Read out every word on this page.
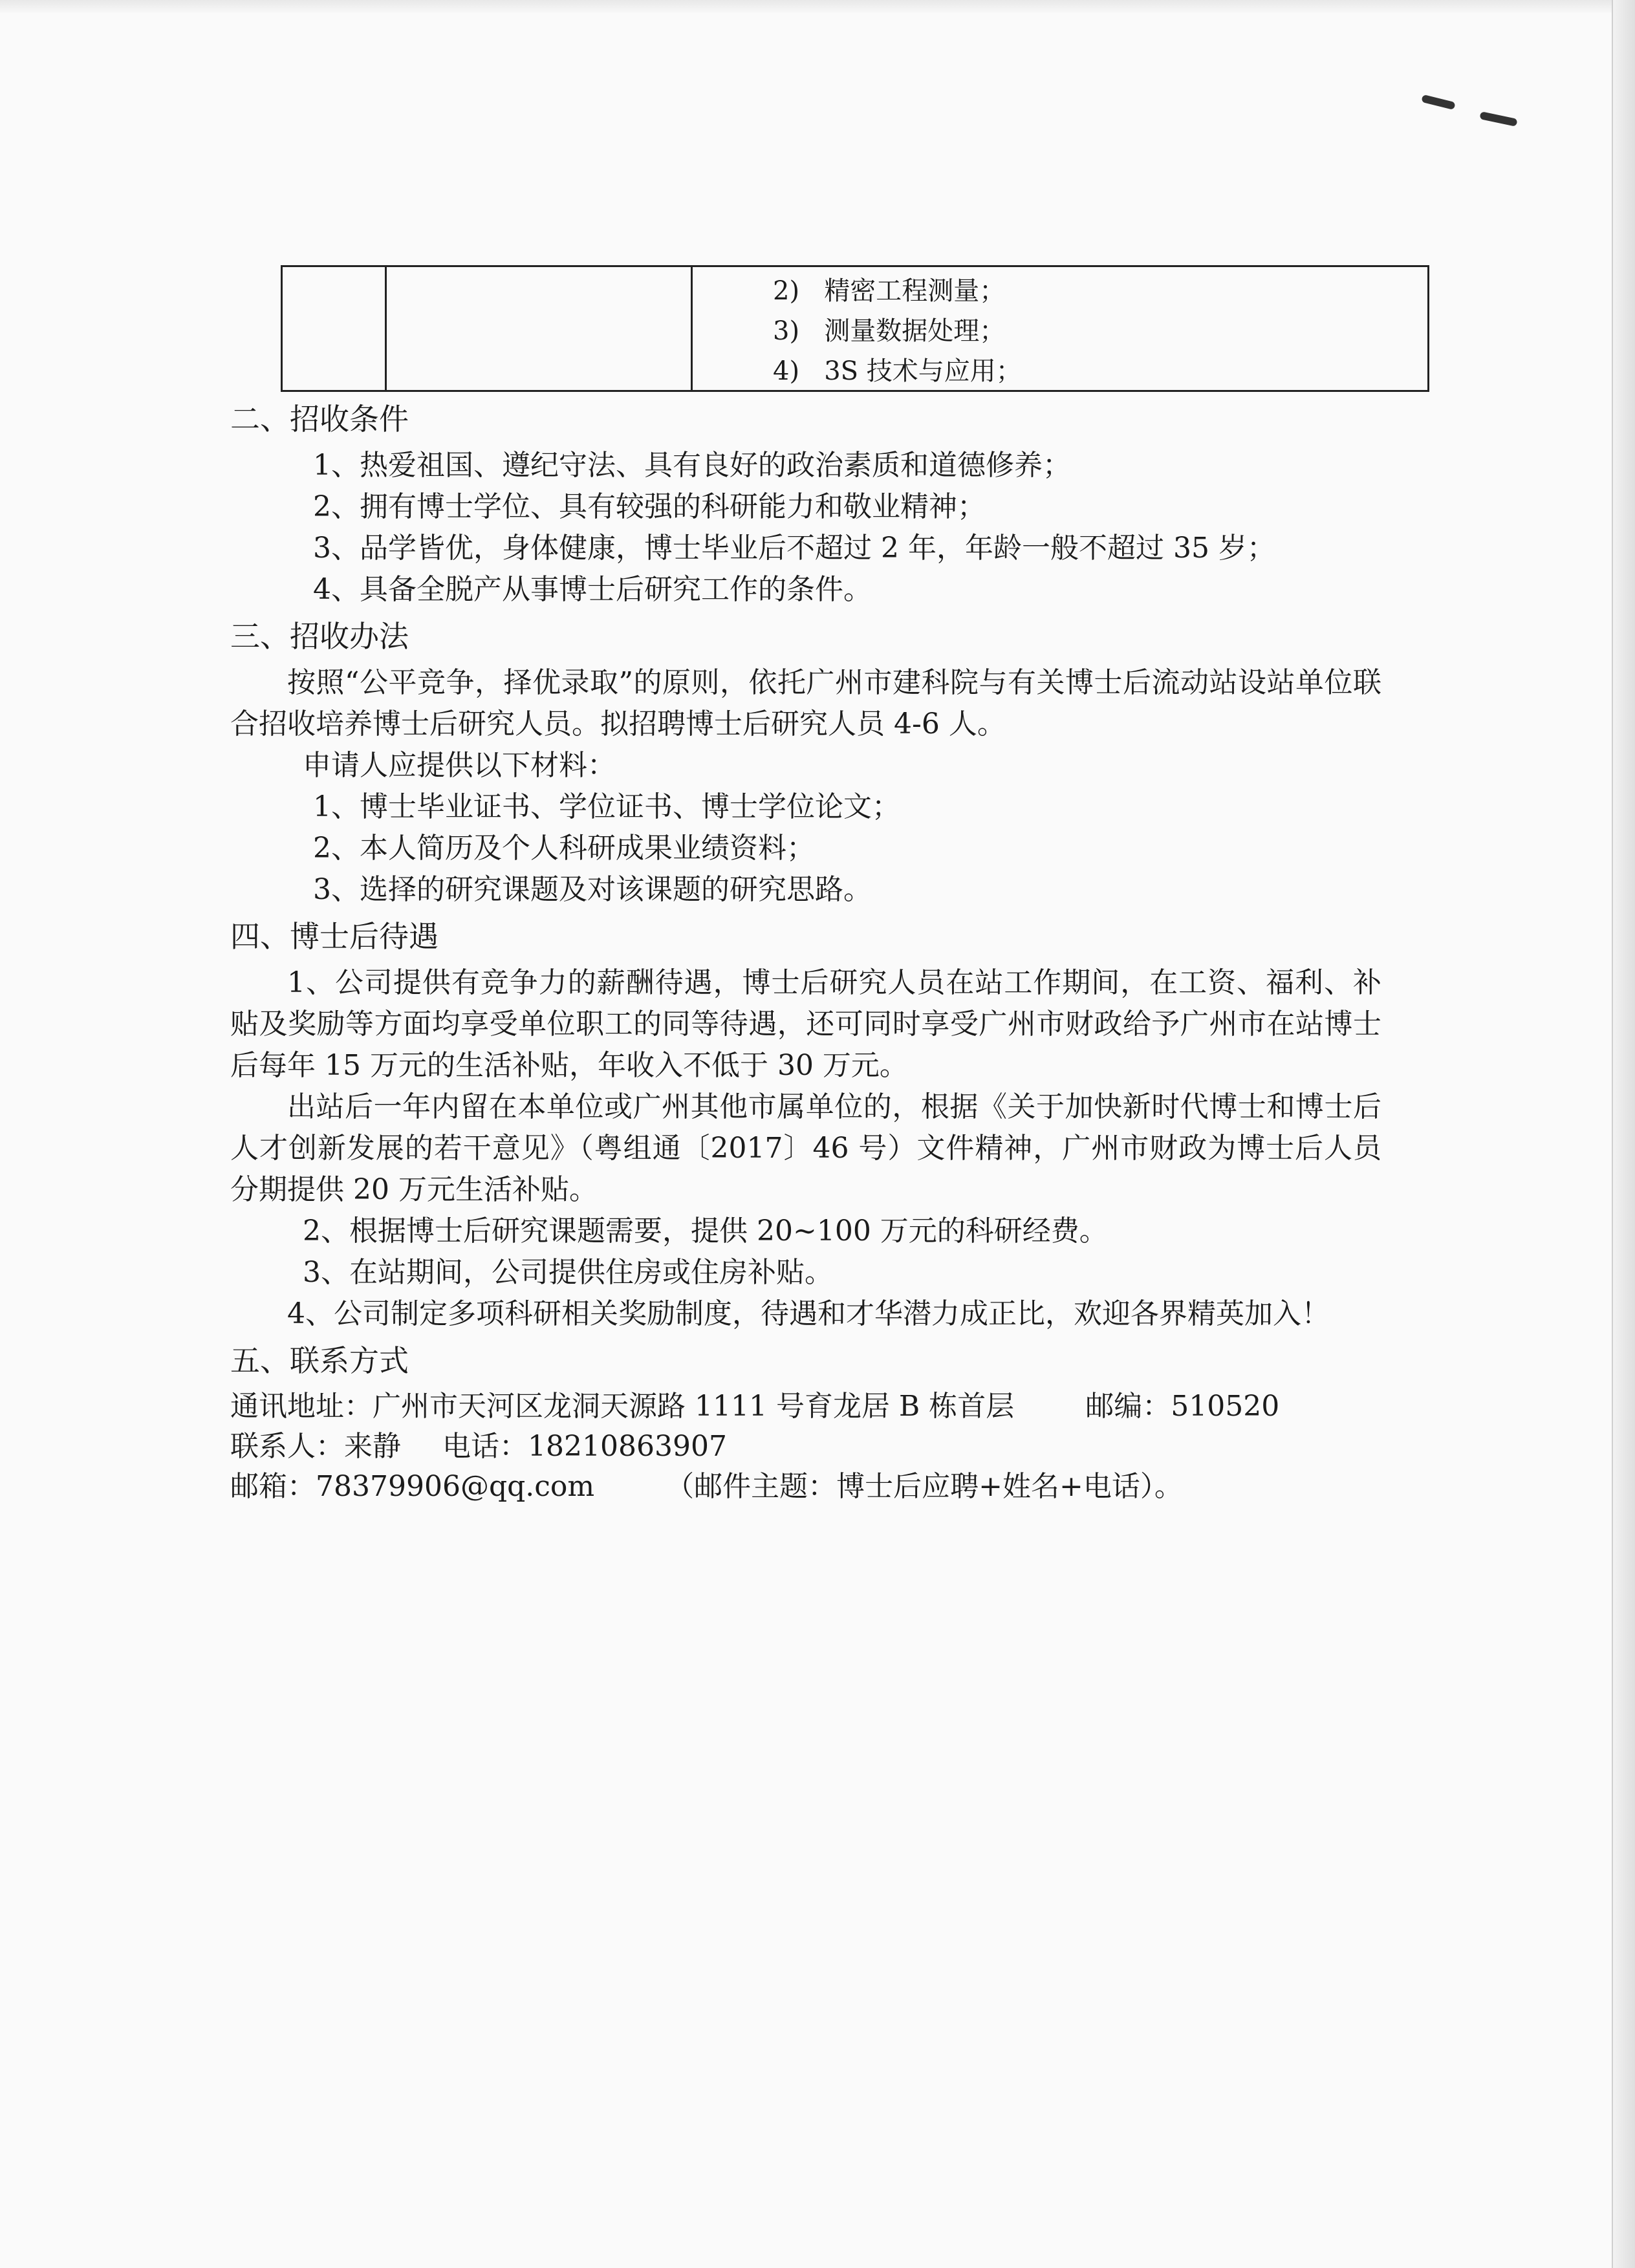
2) 精密工程测量；
3) 测量数据处理；
4) 3S 技术与应用；
二、招收条件
1、热爱祖国、遵纪守法、具有良好的政治素质和道德修养；
2、拥有博士学位、具有较强的科研能力和敬业精神；
3、品学皆优，身体健康，博士毕业后不超过 2 年，年龄一般不超过 35 岁；
4、具备全脱产从事博士后研究工作的条件。
三、招收办法
按照“公平竞争，择优录取”的原则，依托广州市建科院与有关博士后流动站设站单位联合招收培养博士后研究人员。拟招聘博士后研究人员 4-6 人。
申请人应提供以下材料：
1、博士毕业证书、学位证书、博士学位论文；
2、本人简历及个人科研成果业绩资料；
3、选择的研究课题及对该课题的研究思路。
四、博士后待遇
1、公司提供有竞争力的薪酬待遇，博士后研究人员在站工作期间，在工资、福利、补贴及奖励等方面均享受单位职工的同等待遇，还可同时享受广州市财政给予广州市在站博士后每年 15 万元的生活补贴，年收入不低于 30 万元。
出站后一年内留在本单位或广州其他市属单位的，根据《关于加快新时代博士和博士后人才创新发展的若干意见》（粤组通〔2017〕46 号）文件精神，广州市财政为博士后人员分期提供 20 万元生活补贴。
2、根据博士后研究课题需要，提供 20~100 万元的科研经费。
3、在站期间，公司提供住房或住房补贴。
4、公司制定多项科研相关奖励制度，待遇和才华潜力成正比，欢迎各界精英加入！
五、联系方式
通讯地址：广州市天河区龙洞天源路 1111 号育龙居 B 栋首层	邮编：510520
联系人：来静 电话：18210863907
邮箱：78379906@qq.com	（邮件主题：博士后应聘+姓名+电话）。
